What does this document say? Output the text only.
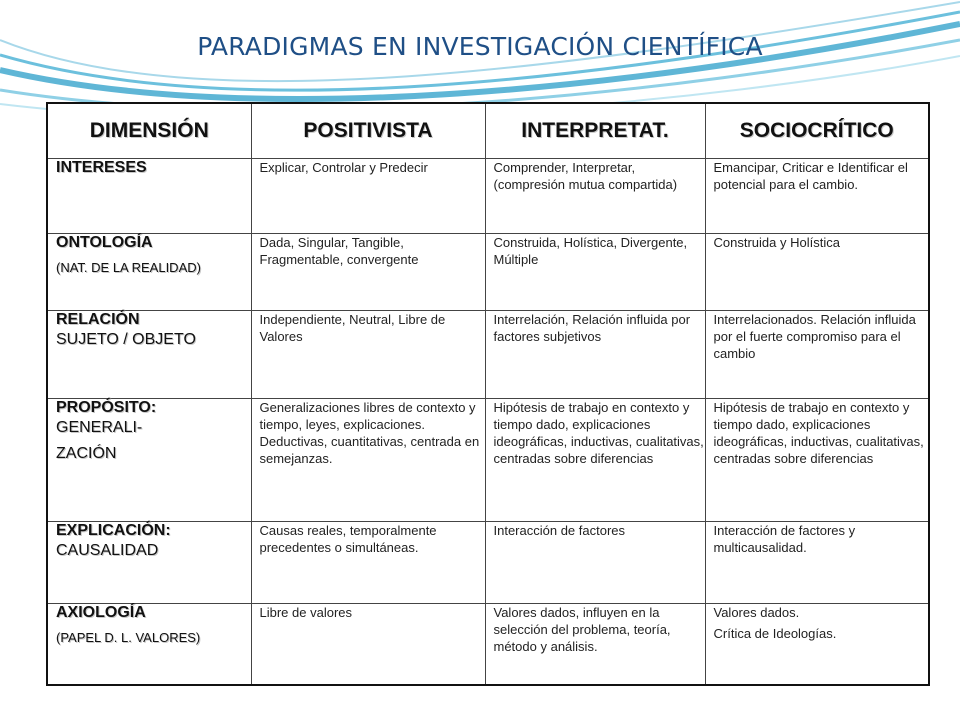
PARADIGMAS EN INVESTIGACIÓN CIENTÍFICA
DIMENSIÓN	POSITIVISTA	INTERPRETAT.	SOCIOCRÍTICO
INTERESES	Explicar, Controlar y Predecir	Comprender, Interpretar, (compresión mutua compartida)	Emancipar, Criticar e Identificar el potencial para el cambio.
ONTOLOGÍA
(NAT. DE LA REALIDAD)	Dada, Singular, Tangible, Fragmentable, convergente	Construida, Holística, Divergente, Múltiple	Construida y Holística
RELACIÓN
SUJETO / OBJETO	Independiente, Neutral, Libre de Valores	Interrelación, Relación influida por factores subjetivos	Interrelacionados. Relación influida por el fuerte compromiso para el cambio
PROPÓSITO:
GENERALI-
ZACIÓN	Generalizaciones libres de contexto y tiempo, leyes, explicaciones. Deductivas, cuantitativas, centrada en semejanzas.	Hipótesis de trabajo en contexto y tiempo dado, explicaciones ideográficas, inductivas, cualitativas, centradas sobre diferencias	Hipótesis de trabajo en contexto y tiempo dado, explicaciones ideográficas, inductivas, cualitativas, centradas sobre diferencias
EXPLICACIÓN:
CAUSALIDAD	Causas reales, temporalmente precedentes o simultáneas.	Interacción de factores	Interacción de factores y multicausalidad.
AXIOLOGÍA
(PAPEL D. L. VALORES)	Libre de valores	Valores dados, influyen en la selección del problema, teoría, método y análisis.	Valores dados.
Crítica de Ideologías.
